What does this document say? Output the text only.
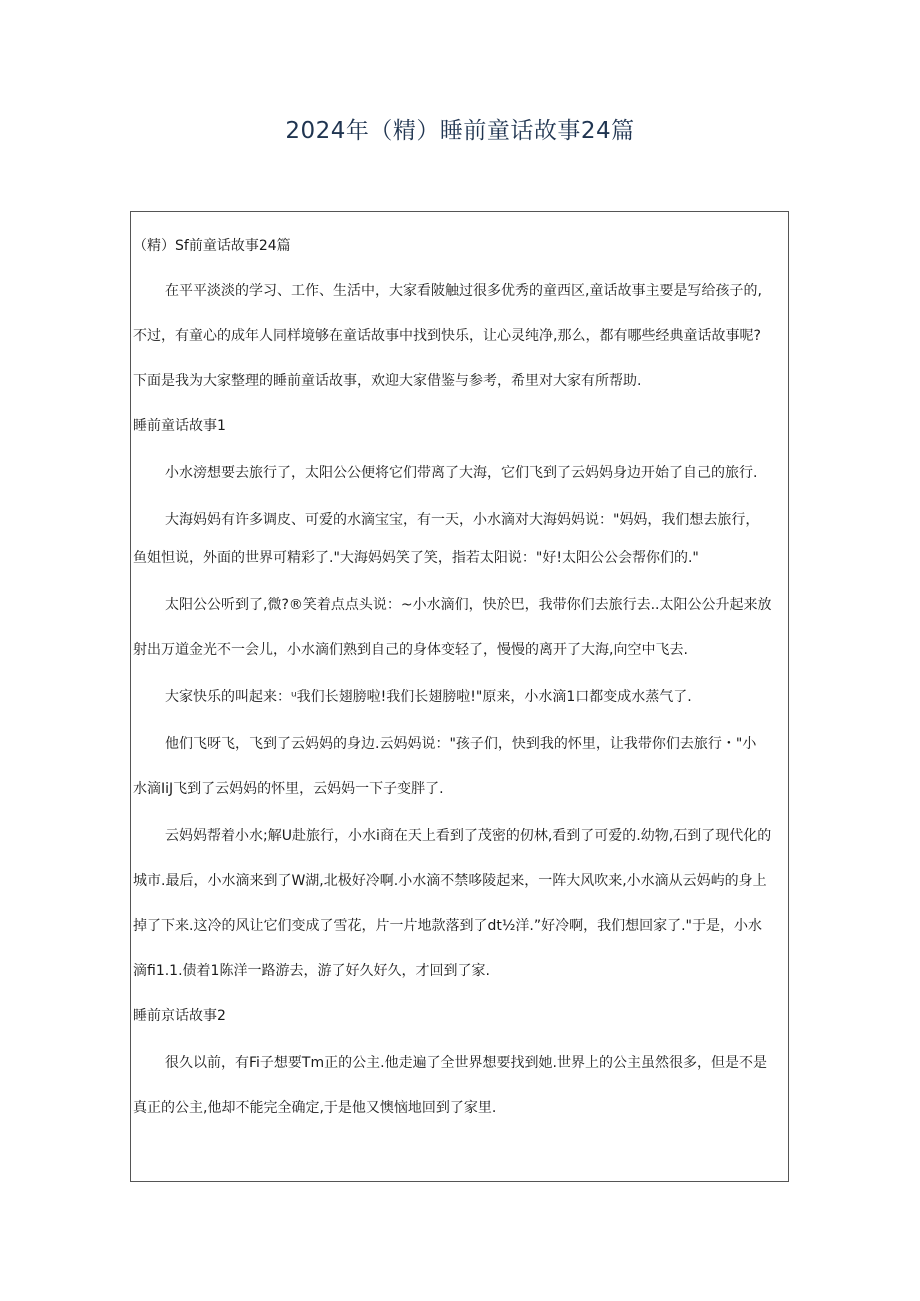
2024年（精）睡前童话故事24篇

（精）Sf前童话故事24篇

在平平淡淡的学习、工作、生活中，大家看陂触过很多优秀的童西区,童话故事主要是写给孩子的,

不过，有童心的成年人同样境够在童话故事中找到快乐，让心灵纯净,那么，都有哪些经典童话故事呢?

下面是我为大家整理的睡前童话故事，欢迎大家借鉴与参考，希里对大家有所帮助.

睡前童话故事1

小水滂想要去旅行了，太阳公公便将它们带离了大海，它们飞到了云妈妈身边开始了自己的旅行.

大海妈妈有许多调皮、可爱的水滴宝宝，有一天，小水滴对大海妈妈说："妈妈，我们想去旅行，

鱼姐怛说，外面的世界可精彩了."大海妈妈笑了笑，指若太阳说："好!太阳公公会帮你们的."

太阳公公听到了,微?®笑着点点头说：~小水滴们，快於巴，我带你们去旅行去..太阳公公升起来放

射出万道金光不一会儿，小水滴们熟到自己的身体变轻了，慢慢的离开了大海,向空中飞去.

大家快乐的叫起来：ᵘ我们长翅膀啦!我们长翅膀啦!"原来，小水滴1口都变成水蒸气了.

他们飞呀飞，飞到了云妈妈的身边.云妈妈说："孩子们，快到我的怀里，让我带你们去旅行・"小

水滴IiJ飞到了云妈妈的怀里，云妈妈一下子变胖了.

云妈妈帮着小水;解U赴旅行，小水i商在天上看到了茂密的仞林,看到了可爱的.幼物,石到了现代化的

城市.最后，小水滴来到了W湖,北极好冷啊.小水滴不禁哆陵起来，一阵大风吹来,小水滴从云妈屿的身上

掉了下来.这冷的风让它们变成了雪花，片一片地款落到了dt½洋.”好冷啊，我们想回家了."于是，小水

滴fi1.1.债着1陈洋一路游去，游了好久好久，才回到了家.

睡前京话故事2

很久以前，有Fi子想要Tm正的公主.他走遍了全世界想要找到她.世界上的公主虽然很多，但是不是

真正的公主,他却不能完全确定,于是他又懊恼地回到了家里.
